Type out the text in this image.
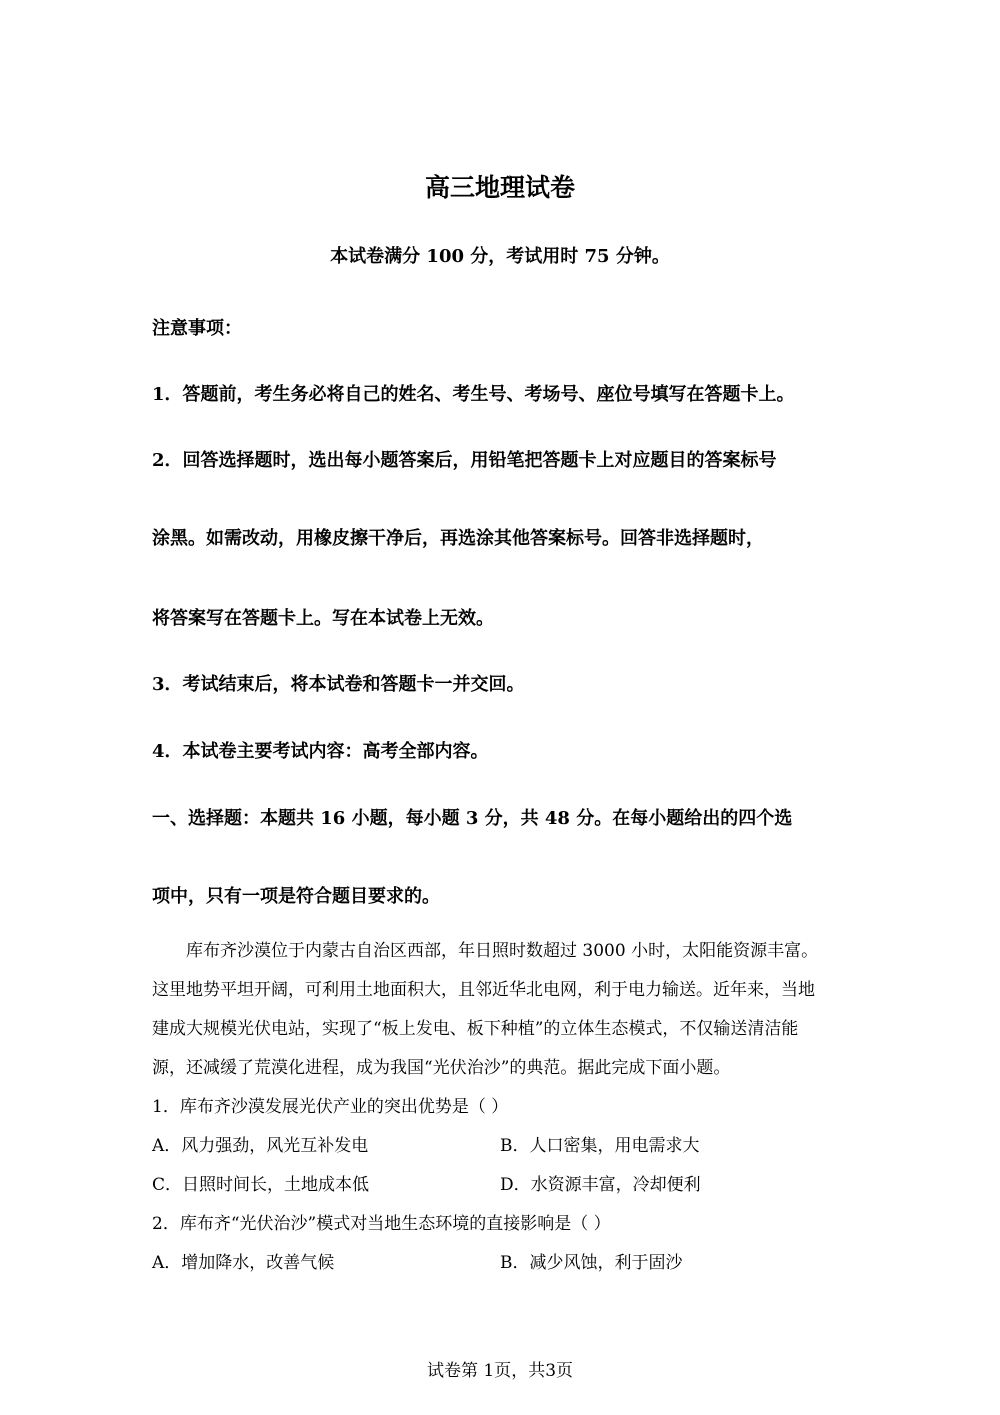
高三地理试卷
本试卷满分 100 分，考试用时 75 分钟。
注意事项：
1．答题前，考生务必将自己的姓名、考生号、考场号、座位号填写在答题卡上。
2．回答选择题时，选出每小题答案后，用铅笔把答题卡上对应题目的答案标号
涂黑。如需改动，用橡皮擦干净后，再选涂其他答案标号。回答非选择题时，
将答案写在答题卡上。写在本试卷上无效。
3．考试结束后，将本试卷和答题卡一并交回。
4．本试卷主要考试内容：高考全部内容。
一、选择题：本题共 16 小题，每小题 3 分，共 48 分。在每小题给出的四个选
项中，只有一项是符合题目要求的。
库布齐沙漠位于内蒙古自治区西部，年日照时数超过 3000 小时，太阳能资源丰富。
这里地势平坦开阔，可利用土地面积大，且邻近华北电网，利于电力输送。近年来，当地
建成大规模光伏电站，实现了“板上发电、板下种植”的立体生态模式，不仅输送清洁能
源，还减缓了荒漠化进程，成为我国“光伏治沙”的典范。据此完成下面小题。
1．库布齐沙漠发展光伏产业的突出优势是（ ）
A．风力强劲，风光互补发电	B．人口密集，用电需求大
C．日照时间长，土地成本低	D．水资源丰富，冷却便利
2．库布齐“光伏治沙”模式对当地生态环境的直接影响是（ ）
A．增加降水，改善气候	B．减少风蚀，利于固沙
试卷第 1页，共3页
